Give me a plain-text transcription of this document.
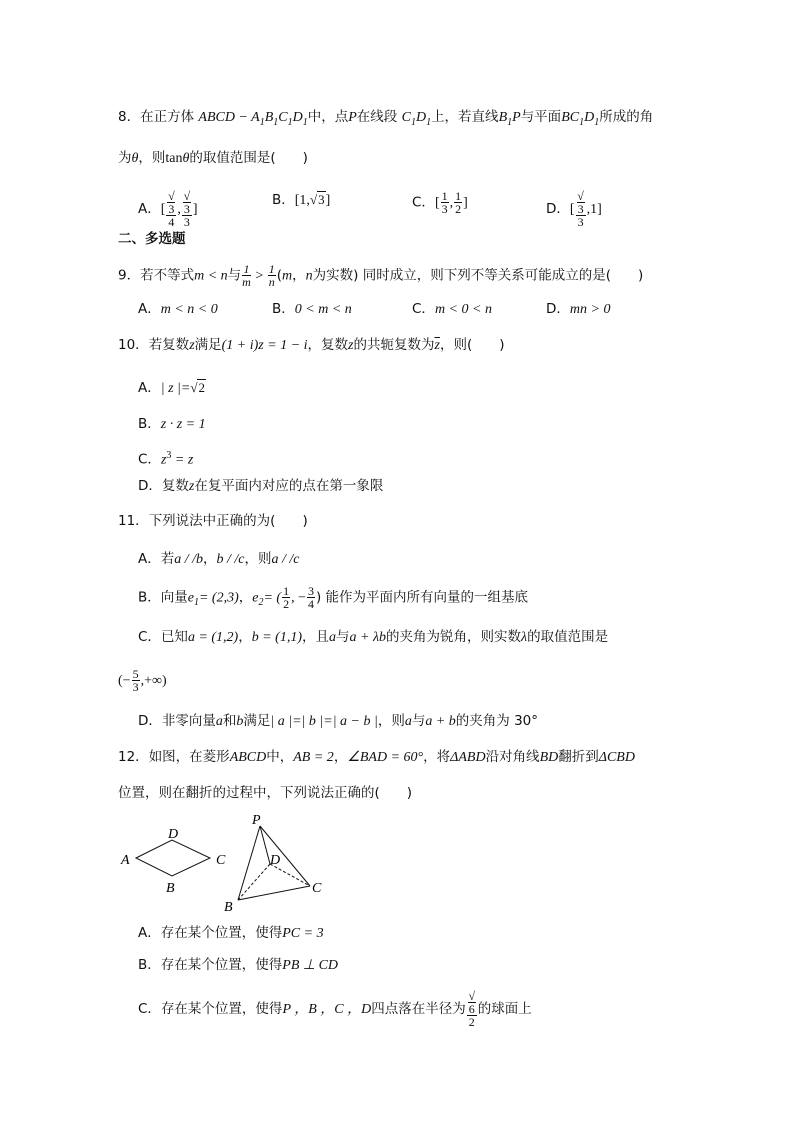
8．在正方体 ABCD − $A_1B_1C_1D_1$中，点P在线段 $C_1D_1$上，若直线$B_1P$与平面$BC_1D_1$所成的角
为θ，则tanθ的取值范围是(　　)
A．[ √
3
4 , √
3
3 ]
B．[1,√3]	C．[ $\frac{1}{3}$ , $\frac{1}{2}$ ]	D．[ √
3
3 ,1]
二、多选题
9．若不等式m < n与 $\frac{1}{m} > \frac{1}{n} (m$，n为实数) 同时成立，则下列不等关系可能成立的是(　　)
A．m < n < 0	B．0 < m < n	C．m < 0 < n	D．mn > 0
10．若复数z满足(1 + i)z = 1 − i，复数z的共轭复数为$\overline{z}$，则(　　)
A．| z |=√2
B．z · z = 1
C．$z^3 = z$
D．复数z在复平面内对应的点在第一象限
11．下列说法中正确的为(　　)
A．若a / /b，b / /c，则a / /c
B．向量$e_1= (2,3)$，$e_2=$ ( $\frac{1}{2}$ , − $\frac{3}{4}$ ) 能作为平面内所有向量的一组基底
C．已知a = (1,2)，b = (1,1)，且a与a + λb的夹角为锐角，则实数λ的取值范围是
(− $\frac{5}{3}$ ,+∞)
D．非零向量a和b满足| a |=| b |=| a − b |，则a与a + b的夹角为 30°
12．如图，在菱形ABCD中，AB = 2，∠BAD = 60°，将ΔABD沿对角线BD翻折到ΔCBD
位置，则在翻折的过程中，下列说法正确的(　　)
A
D
C
B
P
D
C
B
A．存在某个位置，使得PC = 3
B．存在某个位置，使得PB ⊥ CD
C．存在某个位置，使得P ，B ，C ，D四点落在半径为 √
6
2 的球面上
